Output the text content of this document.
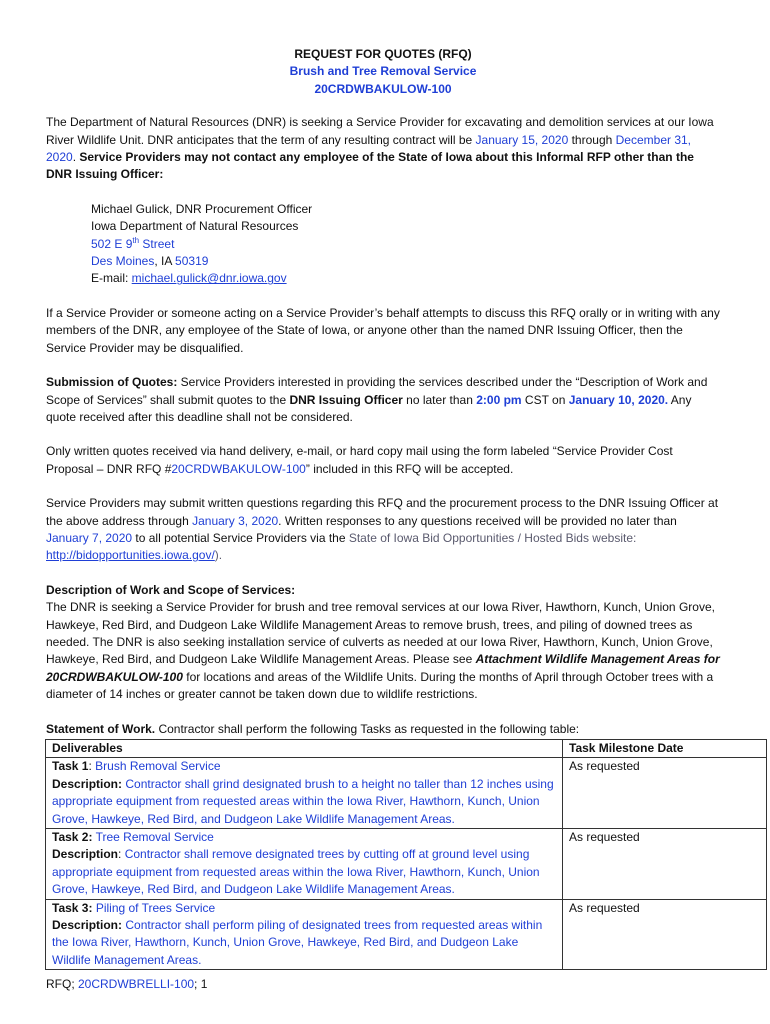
REQUEST FOR QUOTES (RFQ)
Brush and Tree Removal Service
20CRDWBAKULOW-100

The Department of Natural Resources (DNR) is seeking a Service Provider for excavating and demolition services at our Iowa River Wildlife Unit. DNR anticipates that the term of any resulting contract will be January 15, 2020 through December 31, 2020. Service Providers may not contact any employee of the State of Iowa about this Informal RFP other than the DNR Issuing Officer:

Michael Gulick, DNR Procurement Officer
Iowa Department of Natural Resources
502 E 9th Street
Des Moines, IA 50319
E-mail: michael.gulick@dnr.iowa.gov

If a Service Provider or someone acting on a Service Provider’s behalf attempts to discuss this RFQ orally or in writing with any members of the DNR, any employee of the State of Iowa, or anyone other than the named DNR Issuing Officer, then the Service Provider may be disqualified.

Submission of Quotes: Service Providers interested in providing the services described under the “Description of Work and Scope of Services” shall submit quotes to the DNR Issuing Officer no later than 2:00 pm CST on January 10, 2020. Any quote received after this deadline shall not be considered.

Only written quotes received via hand delivery, e-mail, or hard copy mail using the form labeled “Service Provider Cost Proposal – DNR RFQ #20CRDWBAKULOW-100” included in this RFQ will be accepted.

Service Providers may submit written questions regarding this RFQ and the procurement process to the DNR Issuing Officer at the above address through January 3, 2020. Written responses to any questions received will be provided no later than January 7, 2020 to all potential Service Providers via the State of Iowa Bid Opportunities / Hosted Bids website: http://bidopportunities.iowa.gov/).

Description of Work and Scope of Services:

The DNR is seeking a Service Provider for brush and tree removal services at our Iowa River, Hawthorn, Kunch, Union Grove, Hawkeye, Red Bird, and Dudgeon Lake Wildlife Management Areas to remove brush, trees, and piling of downed trees as needed. The DNR is also seeking installation service of culverts as needed at our Iowa River, Hawthorn, Kunch, Union Grove, Hawkeye, Red Bird, and Dudgeon Lake Wildlife Management Areas. Please see Attachment Wildlife Management Areas for 20CRDWBAKULOW-100 for locations and areas of the Wildlife Units. During the months of April through October trees with a diameter of 14 inches or greater cannot be taken down due to wildlife restrictions.

Statement of Work. Contractor shall perform the following Tasks as requested in the following table:

Deliverables	Task Milestone Date

Task 1: Brush Removal Service
Description: Contractor shall grind designated brush to a height no taller than 12 inches using appropriate equipment from requested areas within the Iowa River, Hawthorn, Kunch, Union Grove, Hawkeye, Red Bird, and Dudgeon Lake Wildlife Management Areas.	As requested

Task 2: Tree Removal Service
Description: Contractor shall remove designated trees by cutting off at ground level using appropriate equipment from requested areas within the Iowa River, Hawthorn, Kunch, Union Grove, Hawkeye, Red Bird, and Dudgeon Lake Wildlife Management Areas.	As requested

Task 3: Piling of Trees Service
Description: Contractor shall perform piling of designated trees from requested areas within the Iowa River, Hawthorn, Kunch, Union Grove, Hawkeye, Red Bird, and Dudgeon Lake Wildlife Management Areas.	As requested
RFQ; 20CRDWBRELLI-100; 1
